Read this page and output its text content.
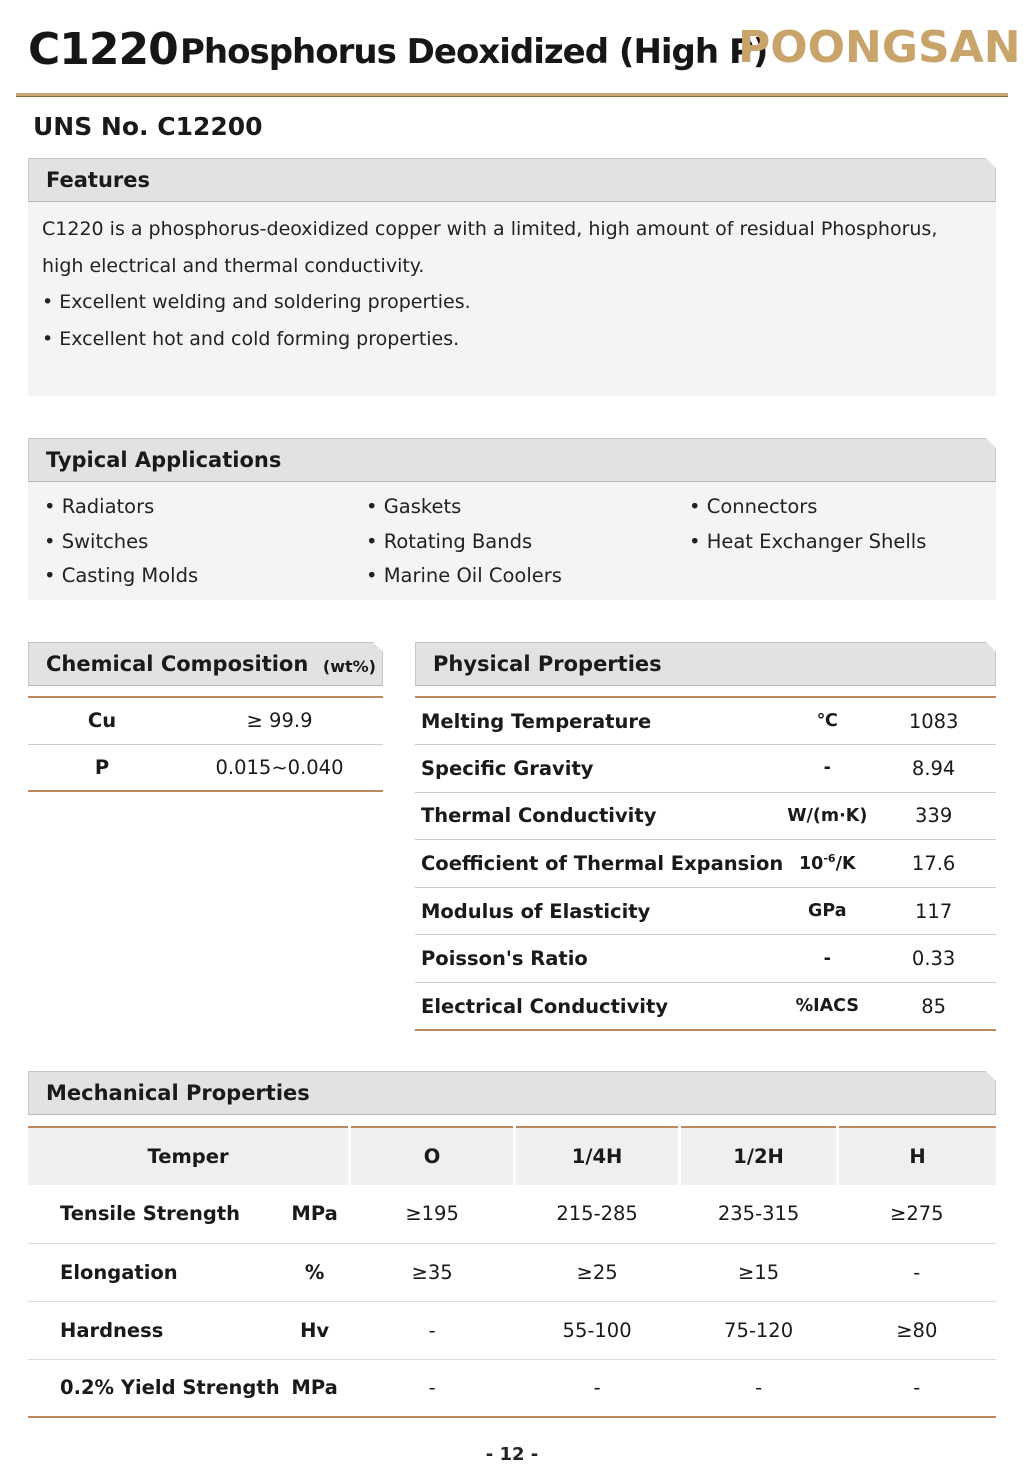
C1220 Phosphorus Deoxidized (High P)
POONGSAN
UNS No. C12200
Features
C1220 is a phosphorus-deoxidized copper with a limited, high amount of residual Phosphorus,
high electrical and thermal conductivity.
• Excellent welding and soldering properties.
• Excellent hot and cold forming properties.
Typical Applications
• Radiators
• Switches
• Casting Molds
• Gaskets
• Rotating Bands
• Marine Oil Coolers
• Connectors
• Heat Exchanger Shells
Chemical Composition (wt%)
Cu	≥ 99.9
P	0.015~0.040
Physical Properties
Melting Temperature	℃	1083
Specific Gravity	-	8.94
Thermal Conductivity	W/(m·K)	339
Coefficient of Thermal Expansion	$10^{-6}/K$	17.6
Modulus of Elasticity	GPa	117
Poisson's Ratio	-	0.33
Electrical Conductivity	%IACS	85
Mechanical Properties
Temper		O	1/4H	1/2H	H
Tensile Strength	MPa	≥195	215-285	235-315	≥275
Elongation	%	≥35	≥25	≥15	-
Hardness	Hv	-	55-100	75-120	≥80
0.2% Yield Strength	MPa	-	-	-	-
- 12 -
